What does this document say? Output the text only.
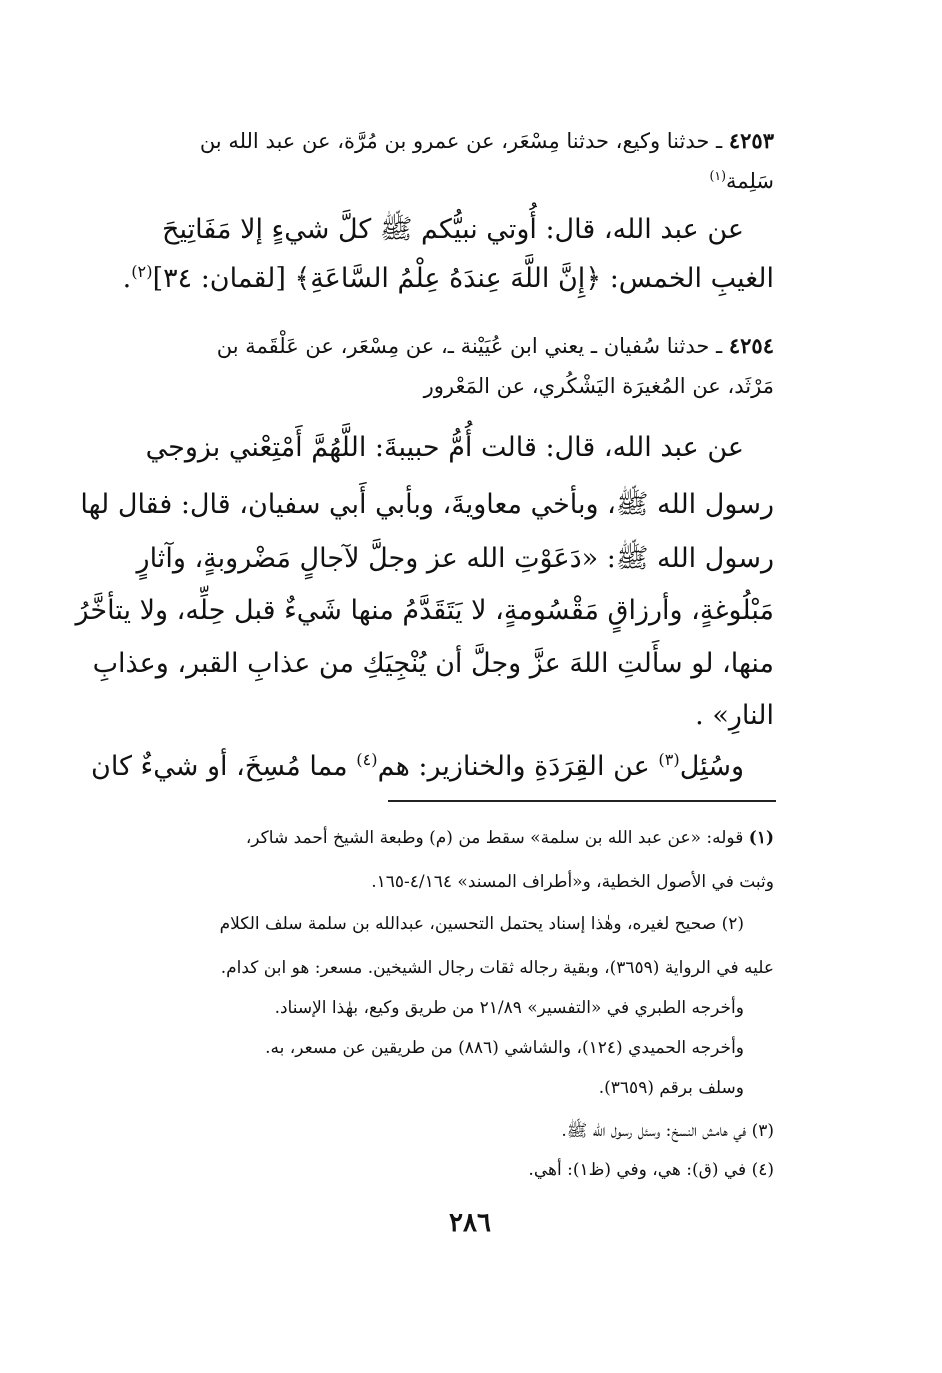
٤٢٥٣ ـ حدثنا وكيع، حدثنا مِسْعَر، عن عمرو بن مُرَّة، عن عبد الله بن
سَلِمة$^{(١)}$
عن عبد الله، قال: أُوتي نبيُّكم ﷺ كلَّ شيءٍ إلا مَفَاتِيحَ
الغيبِ الخمس: ﴿إِنَّ اللَّهَ عِندَهُ عِلْمُ السَّاعَةِ﴾ [لقمان: ٣٤]$^{(٢)}$.
٤٢٥٤ ـ حدثنا سُفيان ـ يعني ابن عُيَيْنة ـ، عن مِسْعَر، عن عَلْقَمة بن
مَرْثَد، عن المُغيرَة اليَشْكُري، عن المَعْرور
عن عبد الله، قال: قالت أُمُّ حبيبةَ: اللَّهُمَّ أَمْتِعْني بزوجي
رسول الله ﷺ، وبأخي معاويةَ، وبأبي أَبي سفيان، قال: فقال لها
رسول الله ﷺ: «دَعَوْتِ الله عز وجلَّ لآجالٍ مَضْروبةٍ، وآثارٍ
مَبْلُوغةٍ، وأرزاقٍ مَقْسُومةٍ، لا يَتَقَدَّمُ منها شَيءٌ قبل حِلِّه، ولا يتأخَّرُ
منها، لو سأَلتِ اللهَ عزَّ وجلَّ أن يُنْجِيَكِ من عذابِ القبر، وعذابِ
النارِ» .
وسُئِل$^{(٣)}$ عن القِرَدَةِ والخنازير: هم$^{(٤)}$ مما مُسِخَ، أو شيءٌ كان
(١) قوله: «عن عبد الله بن سلمة» سقط من (م) وطبعة الشيخ أحمد شاكر،
وثبت في الأصول الخطية، و«أطراف المسند» ٤/١٦٤-١٦٥.
(٢) صحيح لغيره، وهٰذا إسناد يحتمل التحسين، عبدالله بن سلمة سلف الكلام
عليه في الرواية (٣٦٥٩)، وبقية رجاله ثقات رجال الشيخين. مسعر: هو ابن كدام.
وأخرجه الطبري في «التفسير» ٢١/٨٩ من طريق وكيع، بهٰذا الإسناد.
وأخرجه الحميدي (١٢٤)، والشاشي (٨٨٦) من طريقين عن مسعر، به.
وسلف برقم (٣٦٥٩).
(٣) في هامش النسخ: وسئل رسول الله ﷺ.
(٤) في (ق): هي، وفي (ظ١): أهي.
٢٨٦
